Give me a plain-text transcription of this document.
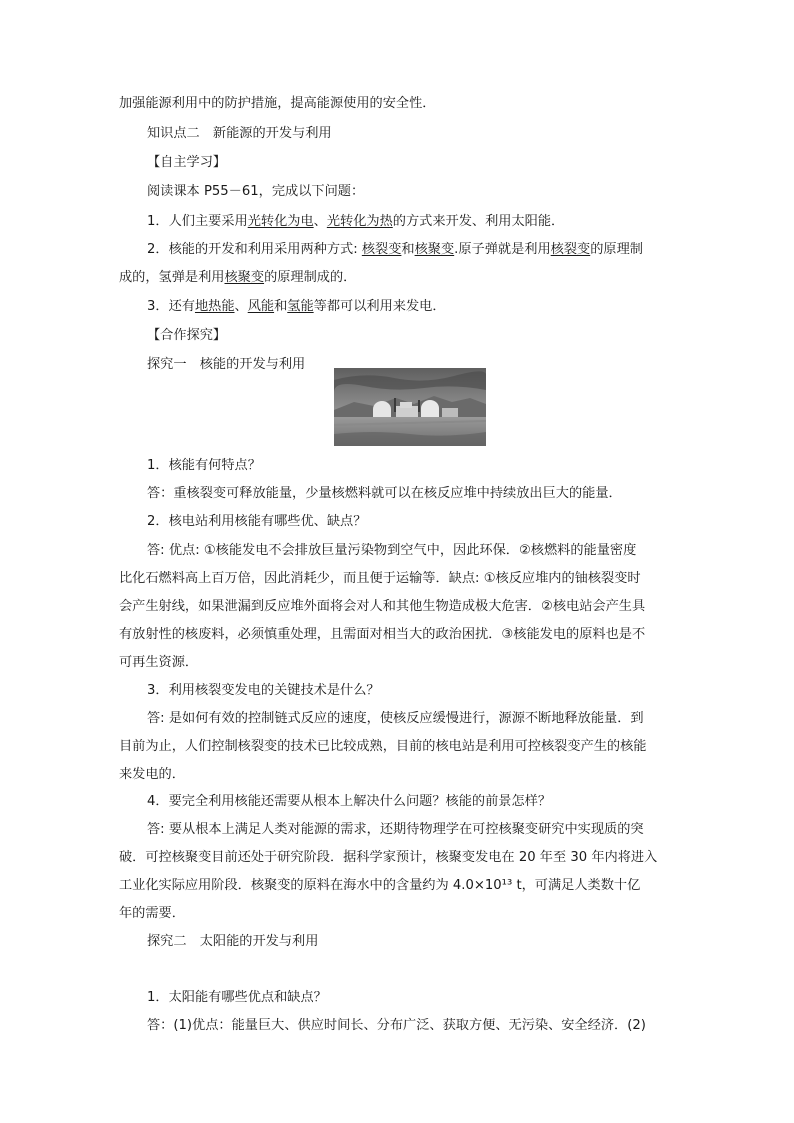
加强能源利用中的防护措施，提高能源使用的安全性．
知识点二　新能源的开发与利用
【自主学习】
阅读课本 P55－61，完成以下问题：
1．人们主要采用光转化为电、光转化为热的方式来开发、利用太阳能．
2．核能的开发和利用采用两种方式: 核裂变和核聚变.原子弹就是利用核裂变的原理制
成的，氢弹是利用核聚变的原理制成的．
3．还有地热能、风能和氢能等都可以利用来发电．
【合作探究】
探究一　核能的开发与利用
1．核能有何特点？
答：重核裂变可释放能量，少量核燃料就可以在核反应堆中持续放出巨大的能量．
2．核电站利用核能有哪些优、缺点？
答: 优点: ①核能发电不会排放巨量污染物到空气中，因此环保．②核燃料的能量密度
比化石燃料高上百万倍，因此消耗少，而且便于运输等．缺点: ①核反应堆内的铀核裂变时
会产生射线，如果泄漏到反应堆外面将会对人和其他生物造成极大危害．②核电站会产生具
有放射性的核废料，必须慎重处理，且需面对相当大的政治困扰．③核能发电的原料也是不
可再生资源．
3．利用核裂变发电的关键技术是什么？
答: 是如何有效的控制链式反应的速度，使核反应缓慢进行，源源不断地释放能量．到
目前为止，人们控制核裂变的技术已比较成熟，目前的核电站是利用可控核裂变产生的核能
来发电的．
4．要完全利用核能还需要从根本上解决什么问题？核能的前景怎样？
答: 要从根本上满足人类对能源的需求，还期待物理学在可控核聚变研究中实现质的突
破．可控核聚变目前还处于研究阶段．据科学家预计，核聚变发电在 20 年至 30 年内将进入
工业化实际应用阶段．核聚变的原料在海水中的含量约为 4.0×10¹³ t，可满足人类数十亿
年的需要．
探究二　太阳能的开发与利用
1．太阳能有哪些优点和缺点？
答：(1)优点：能量巨大、供应时间长、分布广泛、获取方便、无污染、安全经济．(2)
